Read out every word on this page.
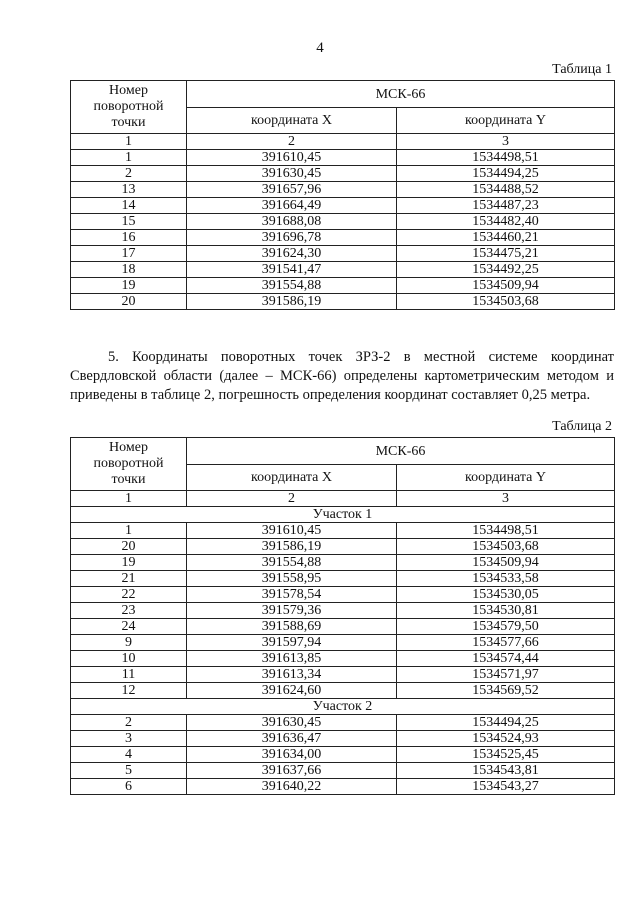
4
Таблица 1
Номер поворотной точки	МСК-66	
	координата X	координата Y
1	2	3
1	391610,45	1534498,51
2	391630,45	1534494,25
13	391657,96	1534488,52
14	391664,49	1534487,23
15	391688,08	1534482,40
16	391696,78	1534460,21
17	391624,30	1534475,21
18	391541,47	1534492,25
19	391554,88	1534509,94
20	391586,19	1534503,68
5. Координаты поворотных точек ЗРЗ-2 в местной системе координат Свердловской области (далее – МСК-66) определены картометрическим методом и приведены в таблице 2, погрешность определения координат составляет 0,25 метра.
Таблица 2
Номер поворотной точки	МСК-66	
	координата X	координата Y
1	2	3
Участок 1		
1	391610,45	1534498,51
20	391586,19	1534503,68
19	391554,88	1534509,94
21	391558,95	1534533,58
22	391578,54	1534530,05
23	391579,36	1534530,81
24	391588,69	1534579,50
9	391597,94	1534577,66
10	391613,85	1534574,44
11	391613,34	1534571,97
12	391624,60	1534569,52
Участок 2		
2	391630,45	1534494,25
3	391636,47	1534524,93
4	391634,00	1534525,45
5	391637,66	1534543,81
6	391640,22	1534543,27
